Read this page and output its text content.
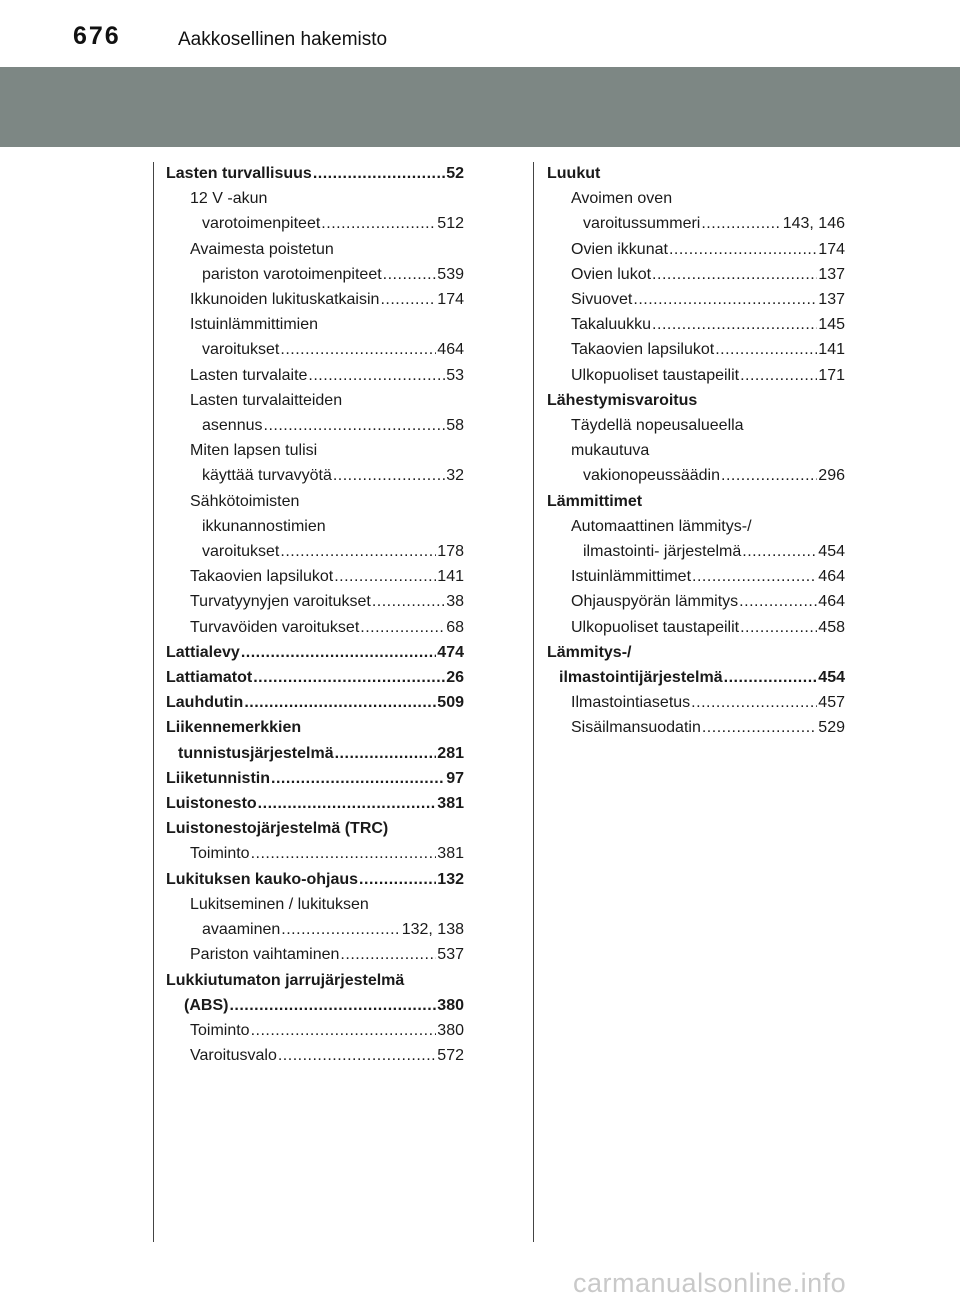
676	Aakkosellinen hakemisto
Lasten turvallisuus .....	52
12 V -akun
varotoimenpiteet .....	512
Avaimesta poistetun
pariston varotoimenpiteet .....	539
Ikkunoiden lukituskatkaisin .....	174
Istuinlämmittimien
varoitukset .....	464
Lasten turvalaite .....	53
Lasten turvalaitteiden
asennus .....	58
Miten lapsen tulisi
käyttää turvavyötä .....	32
Sähkötoimisten
ikkunannostimien
varoitukset .....	178
Takaovien lapsilukot .....	141
Turvatyynyjen varoitukset .....	38
Turvavöiden varoitukset .....	68
Lattialevy .....	474
Lattiamatot .....	26
Lauhdutin .....	509
Liikennemerkkien
tunnistusjärjestelmä .....	281
Liiketunnistin .....	97
Luistonesto .....	381
Luistonestojärjestelmä (TRC)
Toiminto .....	381
Lukituksen kauko-ohjaus .....	132
Lukitseminen / lukituksen
avaaminen .....	132, 138
Pariston vaihtaminen .....	537
Lukkiutumaton jarrujärjestelmä
(ABS) .....	380
Toiminto .....	380
Varoitusvalo .....	572
Luukut
Avoimen oven
varoitussummeri .....	143, 146
Ovien ikkunat .....	174
Ovien lukot .....	137
Sivuovet .....	137
Takaluukku .....	145
Takaovien lapsilukot .....	141
Ulkopuoliset taustapeilit .....	171
Lähestymisvaroitus
Täydellä nopeusalueella
mukautuva
vakionopeussäädin .....	296
Lämmittimet
Automaattinen lämmitys-/
ilmastointi- järjestelmä .....	454
Istuinlämmittimet .....	464
Ohjauspyörän lämmitys .....	464
Ulkopuoliset taustapeilit .....	458
Lämmitys-/
ilmastointijärjestelmä .....	454
Ilmastointiasetus .....	457
Sisäilmansuodatin .....	529
carmanualsonline.info
